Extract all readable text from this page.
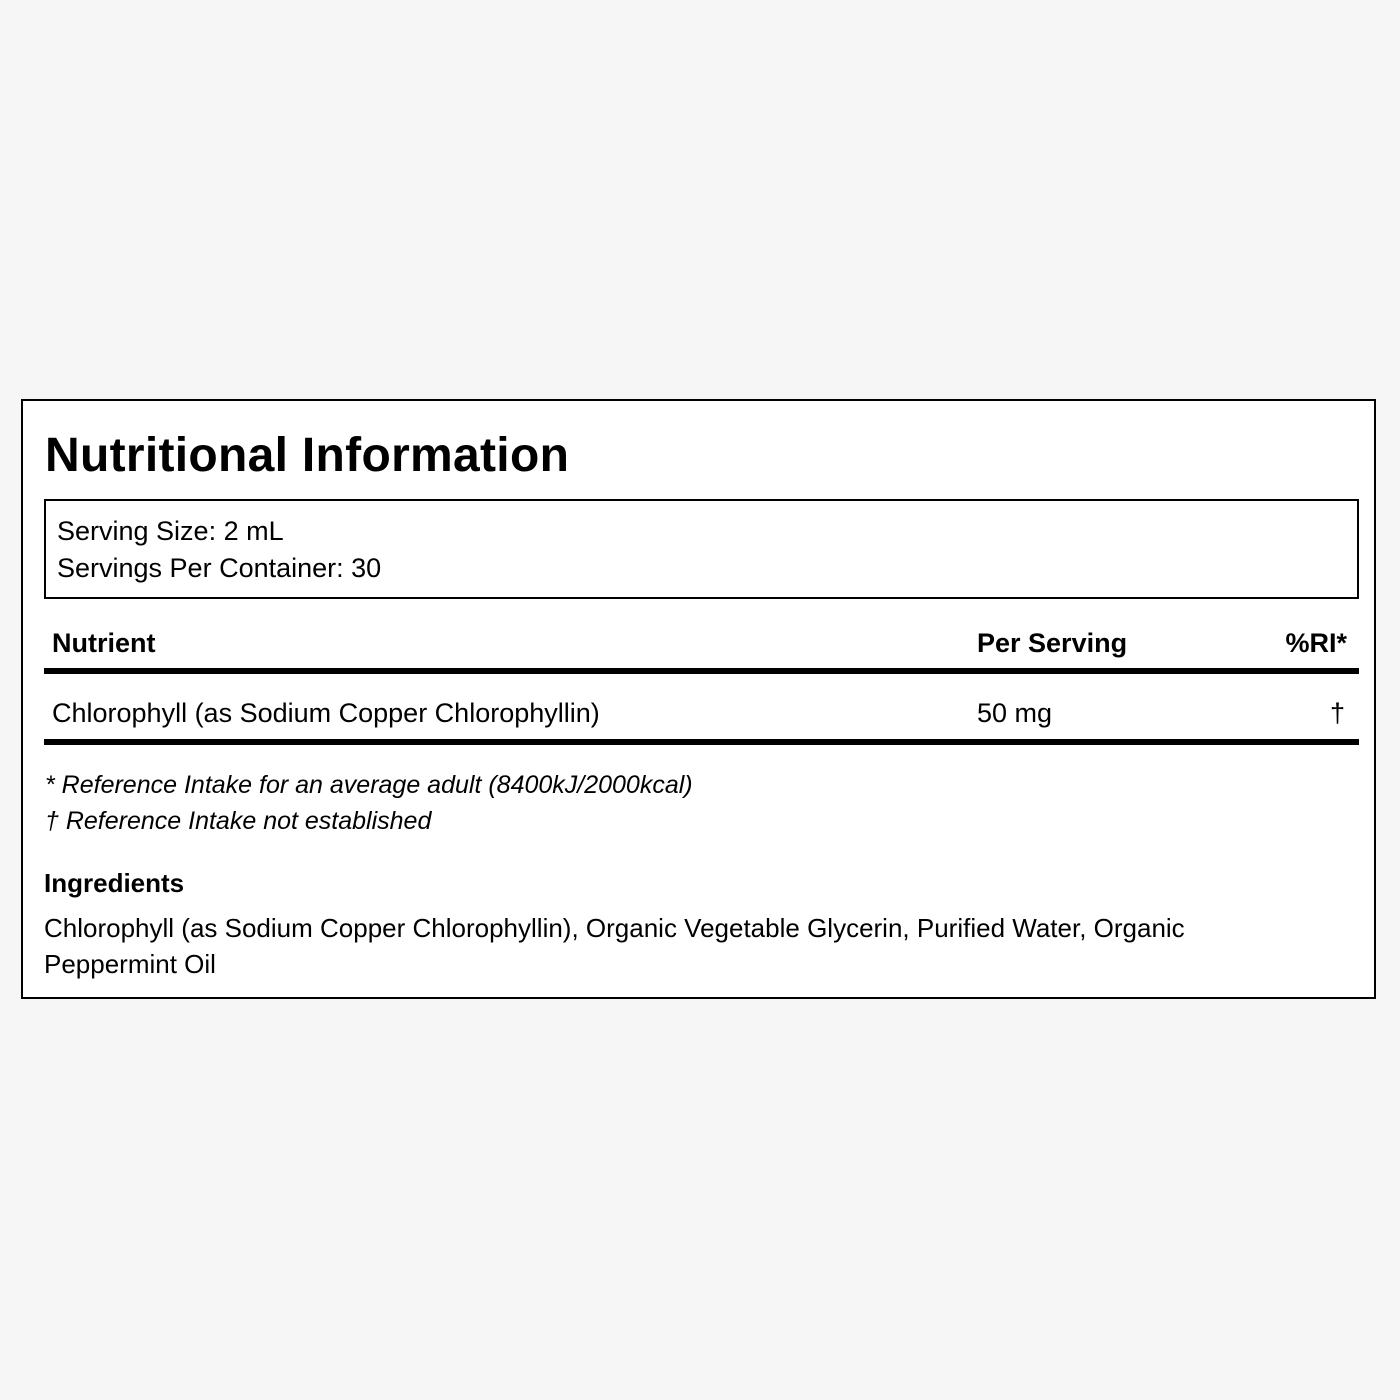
Nutritional Information
Serving Size: 2 mL
Servings Per Container: 30
Nutrient	Per Serving	%RI*
Chlorophyll (as Sodium Copper Chlorophyllin)	50 mg	†
* Reference Intake for an average adult (8400kJ/2000kcal)
† Reference Intake not established
Ingredients
Chlorophyll (as Sodium Copper Chlorophyllin), Organic Vegetable Glycerin, Purified Water, Organic Peppermint Oil
